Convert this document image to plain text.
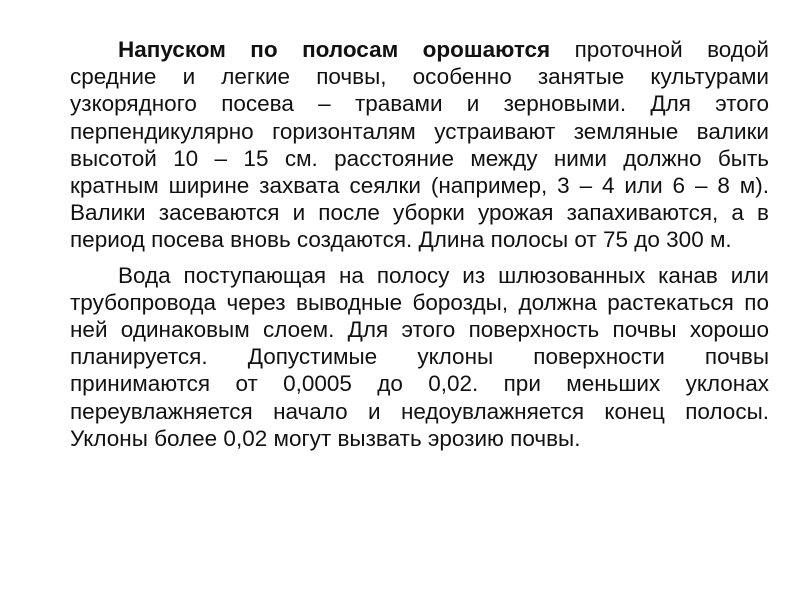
Напуском по полосам орошаются проточной водой средние и легкие почвы, особенно занятые культурами узкорядного посева – травами и зерновыми. Для этого перпендикулярно горизонталям устраивают земляные валики высотой 10 – 15 см. расстояние между ними должно быть кратным ширине захвата сеялки (например, 3 – 4 или 6 – 8 м). Валики засеваются и после уборки урожая запахиваются, а в период посева вновь создаются. Длина полосы от 75 до 300 м.

Вода поступающая на полосу из шлюзованных канав или трубопровода через выводные борозды, должна растекаться по ней одинаковым слоем. Для этого поверхность почвы хорошо планируется. Допустимые уклоны поверхности почвы принимаются от 0,0005 до 0,02. при меньших уклонах переувлажняется начало и недоувлажняется конец полосы. Уклоны более 0,02 могут вызвать эрозию почвы.
